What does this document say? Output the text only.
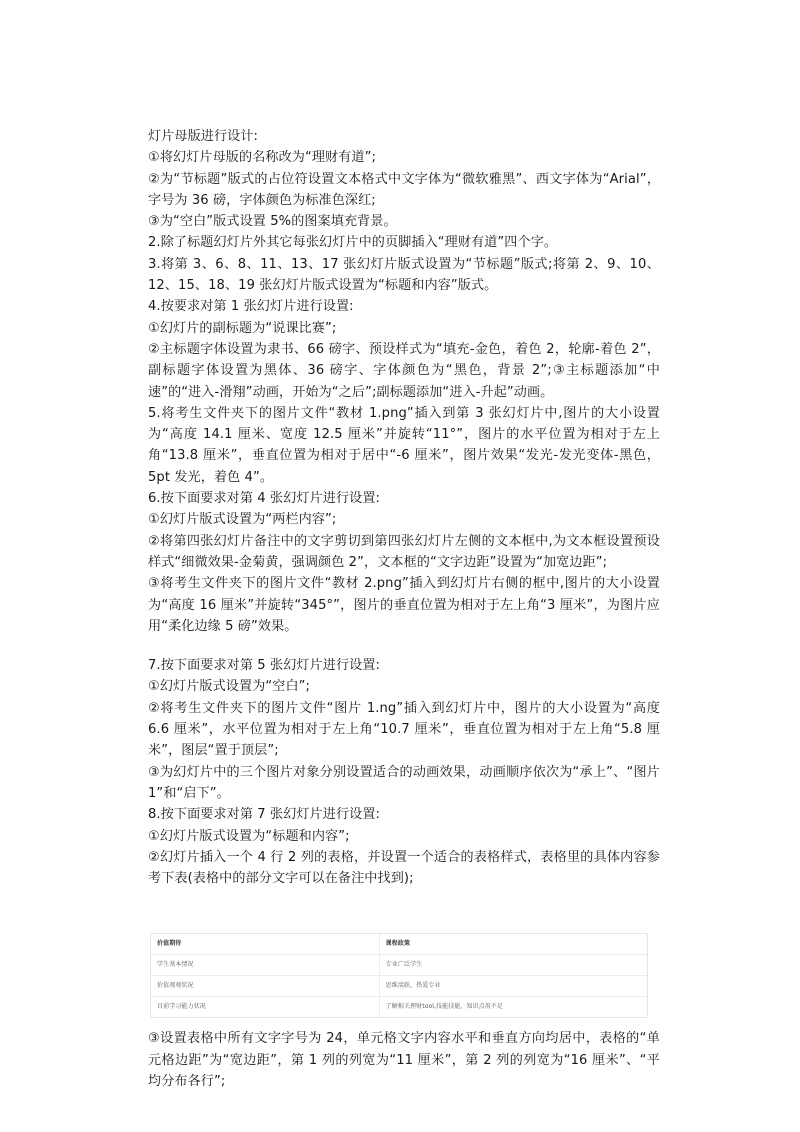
灯片母版进行设计:

①将幻灯片母版的名称改为“理财有道”;

②为“节标题”版式的占位符设置文本格式中文字体为“微软雅黑”、西文字体为“Arial”，字号为 36 磅，字体颜色为标准色深红;

③为“空白”版式设置 5%的图案填充背景。

2.除了标题幻灯片外其它每张幻灯片中的页脚插入“理财有道”四个字。

3.将第 3、6、8、11、13、17 张幻灯片版式设置为“节标题”版式;将第 2、9、10、12、15、18、19 张幻灯片版式设置为“标题和内容”版式。

4.按要求对第 1 张幻灯片进行设置:

①幻灯片的副标题为“说课比赛”;

②主标题字体设置为隶书、66 磅字、预设样式为“填充-金色，着色 2，轮廓-着色 2”，副标题字体设置为黑体、36 磅字、字体颜色为“黑色，背景 2”;③主标题添加“中速”的“进入-滑翔”动画，开始为“之后”;副标题添加“进入-升起”动画。

5.将考生文件夹下的图片文件“教材 1.png”插入到第 3 张幻灯片中,图片的大小设置为“高度 14.1 厘米、宽度 12.5 厘米”并旋转“11°”，图片的水平位置为相对于左上角“13.8 厘米”，垂直位置为相对于居中“-6 厘米”，图片效果“发光-发光变体-黑色，5pt 发光，着色 4”。

6.按下面要求对第 4 张幻灯片进行设置:

①幻灯片版式设置为“两栏内容”;

②将第四张幻灯片备注中的文字剪切到第四张幻灯片左侧的文本框中,为文本框设置预设样式“细微效果-金菊黄，强调颜色 2”，文本框的“文字边距”设置为“加宽边距”;

③将考生文件夹下的图片文件“教材 2.png”插入到幻灯片右侧的框中,图片的大小设置为“高度 16 厘米”并旋转“345°”，图片的垂直位置为相对于左上角“3 厘米”，为图片应用“柔化边缘 5 磅”效果。

7.按下面要求对第 5 张幻灯片进行设置:

①幻灯片版式设置为“空白”;

②将考生文件夹下的图片文件“图片 1.ng”插入到幻灯片中，图片的大小设置为“高度 6.6 厘米”，水平位置为相对于左上角“10.7 厘米”，垂直位置为相对于左上角“5.8 厘米”，图层“置于顶层”;

③为幻灯片中的三个图片对象分别设置适合的动画效果，动画顺序依次为“承上”、“图片 1”和“启下”。

8.按下面要求对第 7 张幻灯片进行设置:

①幻灯片版式设置为“标题和内容”;

②幻灯片插入一个 4 行 2 列的表格，并设置一个适合的表格样式，表格里的具体内容参考下表(表格中的部分文字可以在备注中找到);

价值期待	课程政策
学生基本情况	专业广泛学生
价值观观状况	思维活跃，热爱专业
目前学习能力状况	了解相关理财tool,技能技能，知识点用不足

③设置表格中所有文字字号为 24，单元格文字内容水平和垂直方向均居中，表格的“单元格边距”为“宽边距”，第 1 列的列宽为“11 厘米”，第 2 列的列宽为“16 厘米”、“平均分布各行”;
